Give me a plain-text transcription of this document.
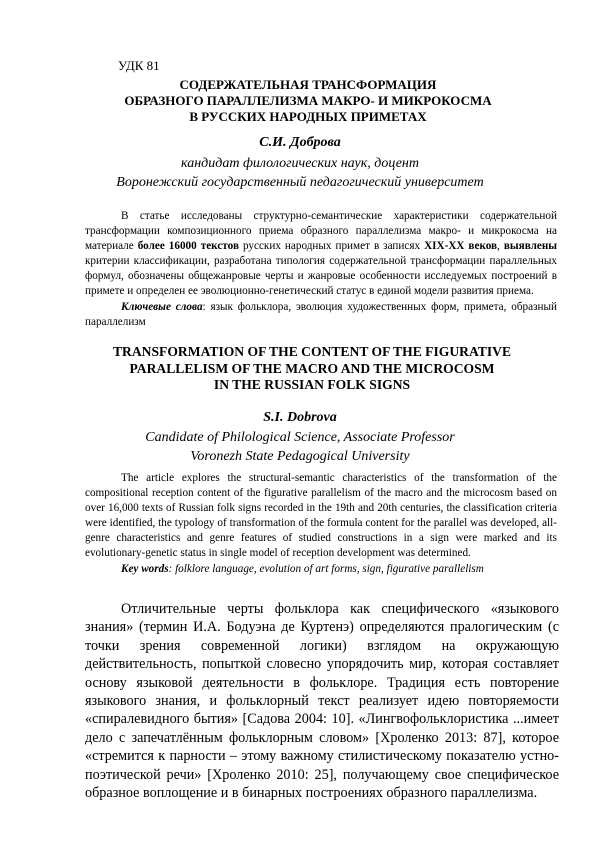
УДК 81
СОДЕРЖАТЕЛЬНАЯ ТРАНСФОРМАЦИЯ
ОБРАЗНОГО ПАРАЛЛЕЛИЗМА МАКРО- И МИКРОКОСМА
В РУССКИХ НАРОДНЫХ ПРИМЕТАХ
С.И. Доброва
кандидат филологических наук, доцент
Воронежский государственный педагогический университет

В статье исследованы структурно-семантические характеристики содержательной трансформации композиционного приема образного параллелизма макро- и микрокосма на материале более 16000 текстов русских народных примет в записях XIX-XX веков, выявлены критерии классификации, разработана типология содержательной трансформации параллельных формул, обозначены общежанровые черты и жанровые особенности исследуемых построений в примете и определен ее эволюционно-генетический статус в единой модели развития приема.

Ключевые слова: язык фольклора, эволюция художественных форм, примета, образный параллелизм

TRANSFORMATION OF THE CONTENT OF THE FIGURATIVE
PARALLELISM OF THE MACRO AND THE MICROCOSM
IN THE RUSSIAN FOLK SIGNS
S.I. Dobrova
Candidate of Philological Science, Associate Professor
Voronezh State Pedagogical University

The article explores the structural-semantic characteristics of the transformation of the compositional reception content of the figurative parallelism of the macro and the microcosm based on over 16,000 texts of Russian folk signs recorded in the 19th and 20th centuries, the classification criteria were identified, the typology of transformation of the formula content for the parallel was developed, all-genre characteristics and genre features of studied constructions in a sign were marked and its evolutionary-genetic status in single model of reception development was determined.

Key words: folklore language, evolution of art forms, sign, figurative parallelism

Отличительные черты фольклора как специфического «языкового знания» (термин И.А. Бодуэна де Куртенэ) определяются пралогическим (с точки зрения современной логики) взглядом на окружающую действительность, попыткой словесно упорядочить мир, которая составляет основу языковой деятельности в фольклоре. Традиция есть повторение языкового знания, и фольклорный текст реализует идею повторяемости «спиралевидного бытия» [Садова 2004: 10]. «Лингвофольклористика ...имеет дело с запечатлённым фольклорным словом» [Хроленко 2013: 87], которое «стремится к парности – этому важному стилистическому показателю устно-поэтической речи» [Хроленко 2010: 25], получающему свое специфическое образное воплощение и в бинарных построениях образного параллелизма.
